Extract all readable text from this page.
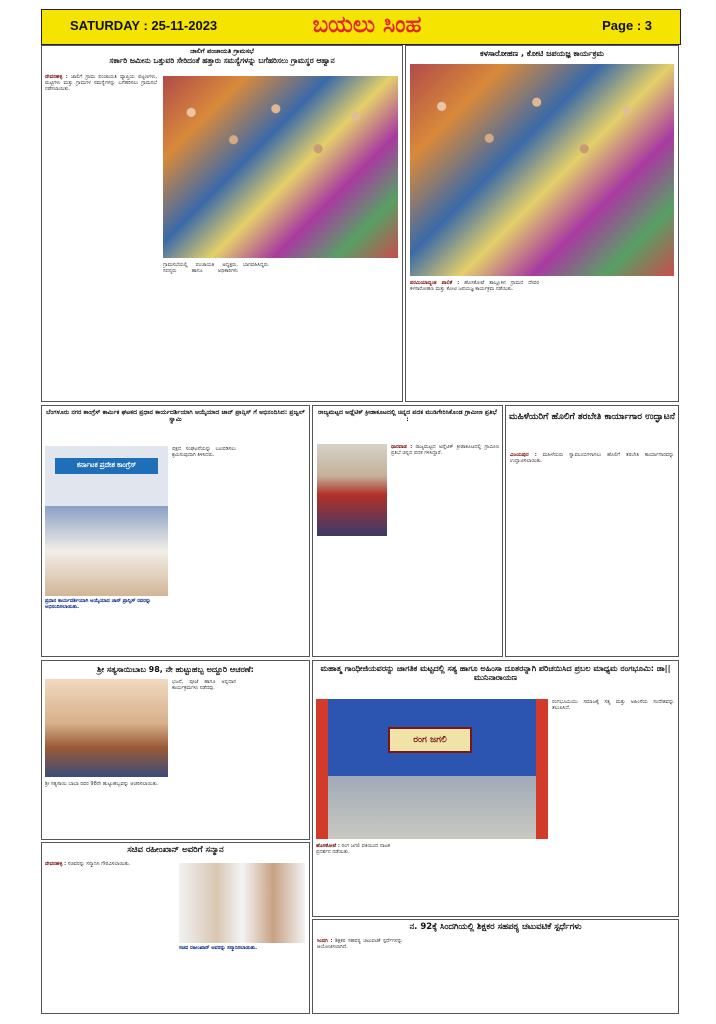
SATURDAY : 25-11-2023	ಬಯಲು ಸಿಂಹ	Page : 3
ಜಾಲಿಗೆ ಪಂಚಾಯತಿ ಗ್ರಾಮಸಭೆ
ಸರ್ಕಾರಿ ಜಮೀನು ಒತ್ತುವರಿ ಸೇರಿದಂತೆ ಹತ್ತಾರು ಸಮಸ್ಯೆಗಳನ್ನು ಬಗೆಹರಿಸಲು ಗ್ರಾಮಸ್ಥರ ಆಹ್ವಾನ
ದೇವನಹಳ್ಳಿ : ಜಾಲಿಗೆ ಗ್ರಾಮ ಪಂಚಾಯತಿ ವ್ಯಾಪ್ತಿಯ ಪಟ್ಟಣಗಳು, ಮಟ್ಟಿಗಳು ಮತ್ತು ಗ್ರಾಮಗಳ ಸಮಸ್ಯೆಗಳನ್ನು ಬಗೆಹರಿಸಲು ಗ್ರಾಮಸಭೆ ನಡೆಸಲಾಯಿತು.
ಗ್ರಾಮಸಭೆಯಲ್ಲಿ ಪಂಚಾಯತಿ ಅಧ್ಯಕ್ಷರು, ಸದಸ್ಯರು ಹಾಗೂ ಅಧಿಕಾರಿಗಳು ಭಾಗವಹಿಸಿದ್ದರು.
ಕಳಸಾರೋಹಣ , ಕೋಟಿ ಜಪಯಜ್ಞ ಕಾರ್ಯಕ್ರಮ
ಪರಮಿಯಾದ್ಯಂತ ಪಾಲಿಕೆ : ಹೊಸಕೋಟೆ ತಾಲ್ಲೂಕಿನ ಗ್ರಾಮದ ದೇವರ ಕಳಸಾರೋಹಣ ಮತ್ತು ಕೋಟಿ ಜಪಯಜ್ಞ ಕಾರ್ಯಕ್ರಮ ನಡೆಯಿತು.
ಬೆಂಗಳೂರು ನಗರ ಕಾಂಗ್ರೆಸ್ ಕಾರ್ಮಿಕ ಘಟಕದ ಪ್ರಧಾನ ಕಾರ್ಯದರ್ಶಿಯಾಗಿ ಆಯ್ಕೆಯಾದ ಜಾನ್ ಪ್ರಾನ್ಸಿಸ್ ಗೆ ಅಭಿನಂದಿಸಿದ: ಪ್ರಜ್ವಲ್ ಸ್ವಾಮಿ
ಕರ್ನಾಟಕ ಪ್ರದೇಶ ಕಾಂಗ್ರೆಸ್
ಪ್ರಧಾನ ಕಾರ್ಯದರ್ಶಿಯಾಗಿ ಆಯ್ಕೆಯಾದ ಜಾನ್ ಪ್ರಾನ್ಸಿಸ್ ರವರನ್ನು ಅಭಿನಂದಿಸಲಾಯಿತು.
ಪಕ್ಷದ ಸಂಘಟನೆಯನ್ನು ಬಲಪಡಿಸಲು ಶ್ರಮಿಸುವುದಾಗಿ ತಿಳಿಸಿದರು.
ರಾಜ್ಯಮಟ್ಟದ ಅಥ್ಲೆಟಿಕ್ ಕ್ರೀಡಾಕೂಟದಲ್ಲಿ ಚಿನ್ನದ ಪದಕ ಮುಡಿಗೇರಿಸಿಕೊಂಡ ಗ್ರಾಮೀಣ ಪ್ರತಿಭೆ :
ಧಾರವಾಡ : ರಾಜ್ಯಮಟ್ಟದ ಅಥ್ಲೆಟಿಕ್ ಕ್ರೀಡಾಕೂಟದಲ್ಲಿ ಗ್ರಾಮೀಣ ಪ್ರತಿಭೆ ಚಿನ್ನದ ಪದಕ ಗಳಿಸಿದ್ದಾರೆ.
ಮಹಿಳೆಯರಿಗೆ ಹೊಲಿಗೆ ತರಬೇತಿ ಕಾರ್ಯಾಗಾರ ಉದ್ಘಾಟನೆ
ವಿಜಯಪುರ : ಮಹಿಳೆಯರು ಸ್ವಾವಲಂಬಿಗಳಾಗಲು ಹೊಲಿಗೆ ತರಬೇತಿ ಕಾರ್ಯಾಗಾರವನ್ನು ಉದ್ಘಾಟಿಸಲಾಯಿತು.
ಶ್ರೀ ಸತ್ಯಸಾಯಿಬಾಬ 98, ನೇ ಹುಟ್ಟುಹಬ್ಬ ಅದ್ದೂರಿ ಆಚರಣೆ:
ಶ್ರೀ ಸತ್ಯಸಾಯಿ ಬಾಬಾ ರವರ 98ನೇ ಹುಟ್ಟುಹಬ್ಬವನ್ನು ಆಚರಿಸಲಾಯಿತು.
ಭಜನೆ, ಪೂಜೆ ಹಾಗೂ ಅನ್ನದಾನ ಕಾರ್ಯಕ್ರಮಗಳು ನಡೆದವು.
ಮಹಾತ್ಮ ಗಾಂಧೀಜಿಯವರನ್ನು ಜಾಗತಿಕ ಮಟ್ಟದಲ್ಲಿ ಸತ್ಯ ಹಾಗೂ ಅಹಿಂಸಾ ದೂತರನ್ನಾಗಿ ಪರಿಚಯಿಸಿದ ಪ್ರಬಲ ಮಾಧ್ಯಮ ರಂಗಭೂಮಿ: ಡಾ|| ಮುನಿನಾರಾಯಣ
ರಂಗ ಜಗಲಿ
ಹೊಸಕೋಟೆ : ರಂಗ ಜಗಲಿ ವತಿಯಿಂದ ನಾಟಕ ಪ್ರದರ್ಶನ ನಡೆಯಿತು.
ರಂಗಭೂಮಿಯು ಸಮಾಜಕ್ಕೆ ಸತ್ಯ ಮತ್ತು ಅಹಿಂಸೆಯ ಸಂದೇಶವನ್ನು ತಲುಪಿಸಿದೆ.
ಸಚಿವ ರಹೀಂಖಾನ್ ಅವರಿಗೆ ಸನ್ಮಾನ
ದೇವನಹಳ್ಳಿ : ಸಚಿವರನ್ನು ಸನ್ಮಾನಿಸಿ ಗೌರವಿಸಲಾಯಿತು.
ಸಚಿವ ರಹೀಂಖಾನ್ ಅವರನ್ನು ಸನ್ಮಾನಿಸಲಾಯಿತು.
ನ. 92ಕ್ಕೆ ಸಿಂದಗಿಯಲ್ಲಿ ಶಿಕ್ಷಕರ ಸಹಪಠ್ಯ ಚಟುವಟಿಕೆ ಸ್ಪರ್ಧೆಗಳು
ಸಿಂದಗಿ : ಶಿಕ್ಷಕರ ಸಹಪಠ್ಯ ಚಟುವಟಿಕೆ ಸ್ಪರ್ಧೆಗಳನ್ನು ಆಯೋಜಿಸಲಾಗಿದೆ.
